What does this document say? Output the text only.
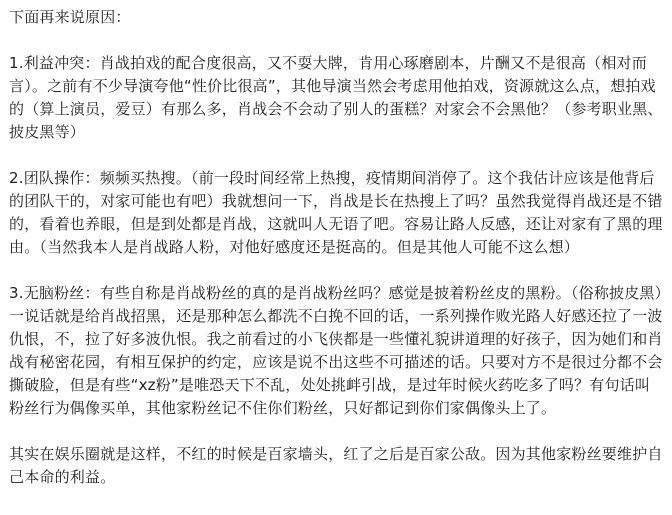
下面再来说原因：

1.利益冲突：肖战拍戏的配合度很高，又不耍大牌，肯用心琢磨剧本，片酬又不是很高（相对而言）。之前有不少导演夸他“性价比很高”，其他导演当然会考虑用他拍戏，资源就这么点，想拍戏的（算上演员，爱豆）有那么多，肖战会不会动了别人的蛋糕？对家会不会黑他？（参考职业黑、披皮黑等）

2.团队操作：频频买热搜。（前一段时间经常上热搜，疫情期间消停了。这个我估计应该是他背后的团队干的，对家可能也有吧）我就想问一下，肖战是长在热搜上了吗？虽然我觉得肖战还是不错的，看着也养眼，但是到处都是肖战，这就叫人无语了吧。容易让路人反感，还让对家有了黑的理由。（当然我本人是肖战路人粉，对他好感度还是挺高的。但是其他人可能不这么想）

3.无脑粉丝：有些自称是肖战粉丝的真的是肖战粉丝吗？感觉是披着粉丝皮的黑粉。（俗称披皮黑）一说话就是给肖战招黑，还是那种怎么都洗不白挽不回的话，一系列操作败光路人好感还拉了一波仇恨，不，拉了好多波仇恨。我之前看过的小飞侠都是一些懂礼貌讲道理的好孩子，因为她们和肖战有秘密花园，有相互保护的约定，应该是说不出这些不可描述的话。只要对方不是很过分都不会撕破脸，但是有些“xz粉”是唯恐天下不乱，处处挑衅引战，是过年时候火药吃多了吗？有句话叫粉丝行为偶像买单，其他家粉丝记不住你们粉丝，只好都记到你们家偶像头上了。

其实在娱乐圈就是这样，不红的时候是百家墙头，红了之后是百家公敌。因为其他家粉丝要维护自己本命的利益。
